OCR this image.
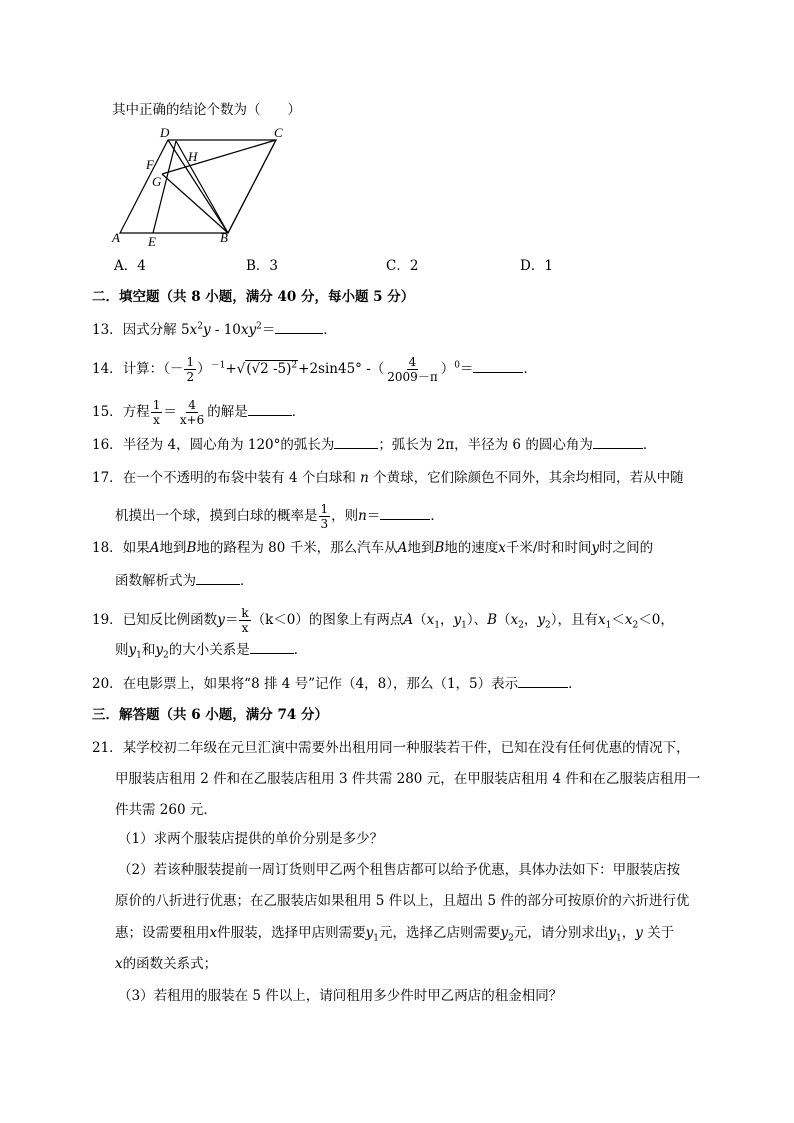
其中正确的结论个数为（　　）
D	C
F
H
G
A E	B
A．4	B．3	C．2	D．1
二．填空题（共 8 小题，满分 40 分，每小题 5 分）
13．因式分解 $5x^2y - 10xy^2=$	．
14．计算：（－ $\frac{1}{2} )^{-1}+√(√2$ -5)$^2$+2sin45° -（ $\frac{4}{2009-\pi} )^0=$	．
15．方程 $\frac{1}{x} = \frac{4}{x+6}$ 的解是	．
16．半径为 4，圆心角为 120°的弧长为	；弧长为 2π，半径为 6 的圆心角为	．
17．在一个不透明的布袋中装有 4 个白球和 n 个黄球，它们除颜色不同外，其余均相同，若从中随
机摸出一个球，摸到白球的概率是 $\frac{1}{3}$ ，则n＝	．
18．如果A地到B地的路程为 80 千米，那么汽车从A地到B地的速度x千米/时和时间y时之间的
函数解析式为	．
19．已知反比例函数$y= \frac{k}{x} (k<0)$的图象上有两点$A(x_1$，$y_1$）、$B(x_2$，$y_2$），且有$x_1<x_2<0$，
则$y_1$和$y_2$的大小关系是	．
20．在电影票上，如果将“8 排 4 号”记作（4，8），那么（1，5）表示	．
三．解答题（共 6 小题，满分 74 分）
21．某学校初二年级在元旦汇演中需要外出租用同一种服装若干件，已知在没有任何优惠的情况下，
甲服装店租用 2 件和在乙服装店租用 3 件共需 280 元，在甲服装店租用 4 件和在乙服装店租用一
件共需 260 元．
（1）求两个服装店提供的单价分别是多少？
（2）若该种服装提前一周订货则甲乙两个租售店都可以给予优惠，具体办法如下：甲服装店按
原价的八折进行优惠；在乙服装店如果租用 5 件以上，且超出 5 件的部分可按原价的六折进行优
惠；设需要租用x件服装，选择甲店则需要$y_1$元，选择乙店则需要$y_2$元，请分别求出$y_1$，y 关于
x的函数关系式；
（3）若租用的服装在 5 件以上，请问租用多少件时甲乙两店的租金相同？
